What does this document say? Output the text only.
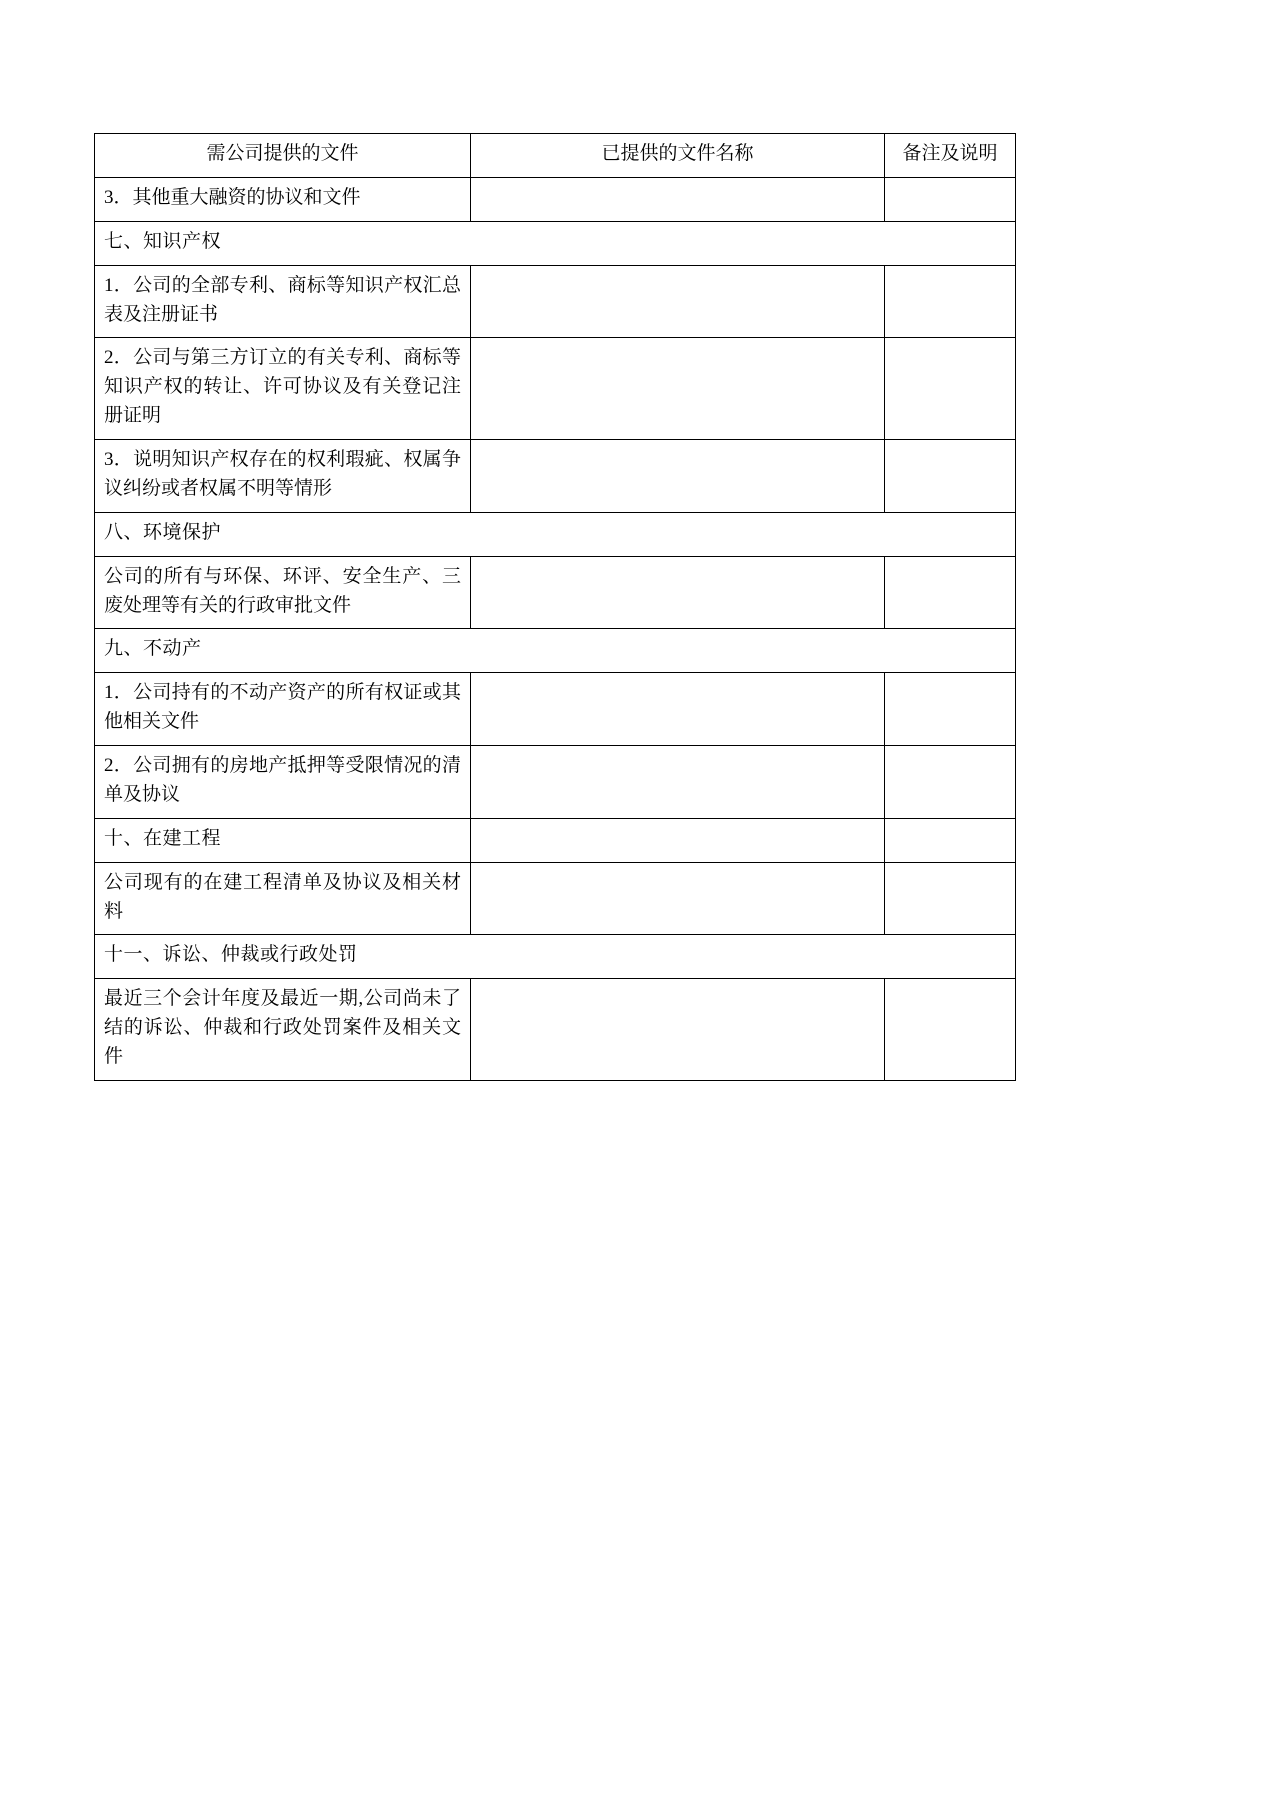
需公司提供的文件	已提供的文件名称	备注及说明
3．其他重大融资的协议和文件		
七、知识产权		
1．公司的全部专利、商标等知识产权汇总表及注册证书		
2．公司与第三方订立的有关专利、商标等知识产权的转让、许可协议及有关登记注册证明		
3．说明知识产权存在的权利瑕疵、权属争议纠纷或者权属不明等情形		
八、环境保护		
公司的所有与环保、环评、安全生产、三废处理等有关的行政审批文件		
九、不动产		
1．公司持有的不动产资产的所有权证或其他相关文件		
2．公司拥有的房地产抵押等受限情况的清单及协议		
十、在建工程		
公司现有的在建工程清单及协议及相关材料		
十一、诉讼、仲裁或行政处罚		
最近三个会计年度及最近一期,公司尚未了结的诉讼、仲裁和行政处罚案件及相关文件		
